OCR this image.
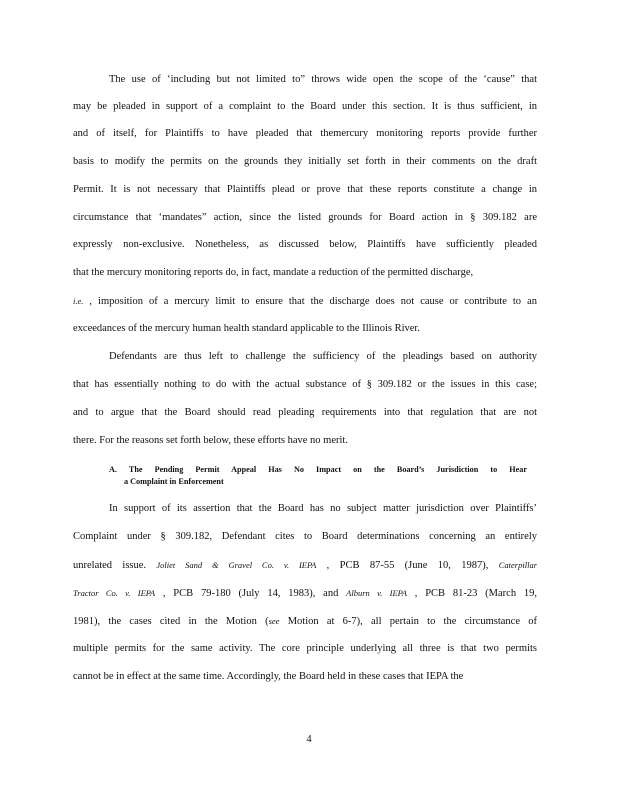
The use of ‘including but not limited to” throws wide open the scope of the ‘cause” that
may be pleaded in support of a complaint to the Board under this section. It is thus sufficient, in
and of itself, for Plaintiffs to have pleaded that themercury monitoring reports provide further
basis to modify the permits on the grounds they initially set forth in their comments on the draft
Permit. It is not necessary that Plaintiffs plead or prove that these reports constitute a change in
circumstance that ‘mandates” action, since the listed grounds for Board action in § 309.182 are
expressly non-exclusive. Nonetheless, as discussed below, Plaintiffs have sufficiently pleaded
that the mercury monitoring reports do, in fact, mandate a reduction of the permitted discharge,
i.e. , imposition of a mercury limit to ensure that the discharge does not cause or contribute to an
exceedances of the mercury human health standard applicable to the Illinois River.
Defendants are thus left to challenge the sufficiency of the pleadings based on authority
that has essentially nothing to do with the actual substance of § 309.182 or the issues in this case;
and to argue that the Board should read pleading requirements into that regulation that are not
there. For the reasons set forth below, these efforts have no merit.
A. The Pending Permit Appeal Has No Impact on the Board’s Jurisdiction to Hear
a Complaint in Enforcement
In support of its assertion that the Board has no subject matter jurisdiction over Plaintiffs’
Complaint under § 309.182, Defendant cites to Board determinations concerning an entirely
unrelated issue. Joliet Sand & Gravel Co. v. IEPA , PCB 87-55 (June 10, 1987), Caterpillar
Tractor Co. v. IEPA , PCB 79-180 (July 14, 1983), and Alburn v. IEPA , PCB 81-23 (March 19,
1981), the cases cited in the Motion (see Motion at 6-7), all pertain to the circumstance of
multiple permits for the same activity. The core principle underlying all three is that two permits
cannot be in effect at the same time. Accordingly, the Board held in these cases that IEPA the
4
